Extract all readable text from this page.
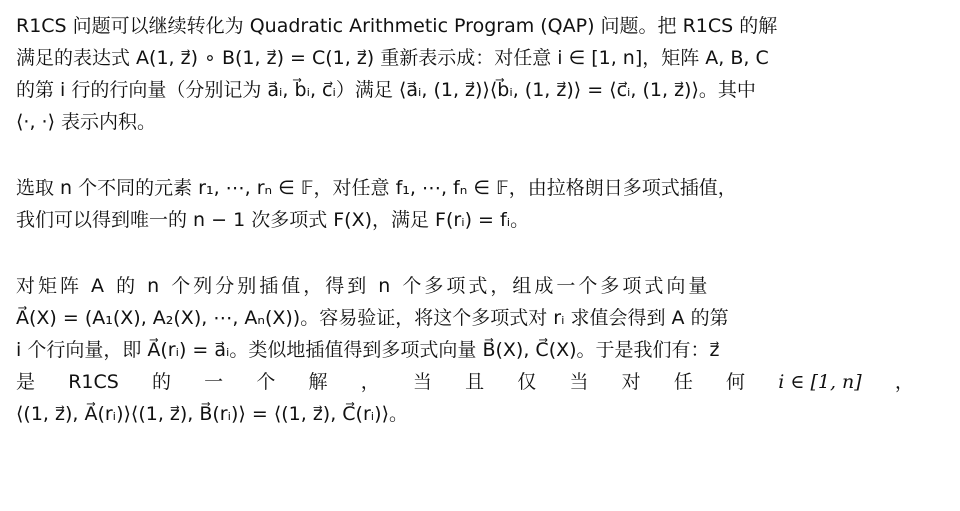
R1CS 问题可以继续转化为 Quadratic Arithmetic Program (QAP) 问题。把 R1CS 的解
满足的表达式 A(1, z⃗) ∘ B(1, z⃗) = C(1, z⃗) 重新表示成：对任意 i ∈ [1, n]，矩阵 A, B, C
的第 i 行的行向量（分别记为 a⃗ᵢ, b⃗ᵢ, c⃗ᵢ）满足 ⟨a⃗ᵢ, (1, z⃗)⟩⟨b⃗ᵢ, (1, z⃗)⟩ = ⟨c⃗ᵢ, (1, z⃗)⟩。其中
⟨·, ·⟩ 表示内积。

选取 n 个不同的元素 r₁, ⋯, rₙ ∈ 𝔽，对任意 f₁, ⋯, fₙ ∈ 𝔽，由拉格朗日多项式插值，
我们可以得到唯一的 n − 1 次多项式 F(X)，满足 F(rᵢ) = fᵢ。

对矩阵 A 的 n 个列分别插值，得到 n 个多项式，组成一个多项式向量
A⃗(X) = (A₁(X), A₂(X), ⋯, Aₙ(X))。容易验证，将这个多项式对 rᵢ 求值会得到 A 的第
i 个行向量，即 A⃗(rᵢ) = a⃗ᵢ。类似地插值得到多项式向量 B⃗(X), C⃗(X)。于是我们有：z⃗
是 R1CS 的 一 个 解 ， 当 且 仅 当 对 任 何 i ∈ [1, n] ，
⟨(1, z⃗), A⃗(rᵢ)⟩⟨(1, z⃗), B⃗(rᵢ)⟩ = ⟨(1, z⃗), C⃗(rᵢ)⟩。
